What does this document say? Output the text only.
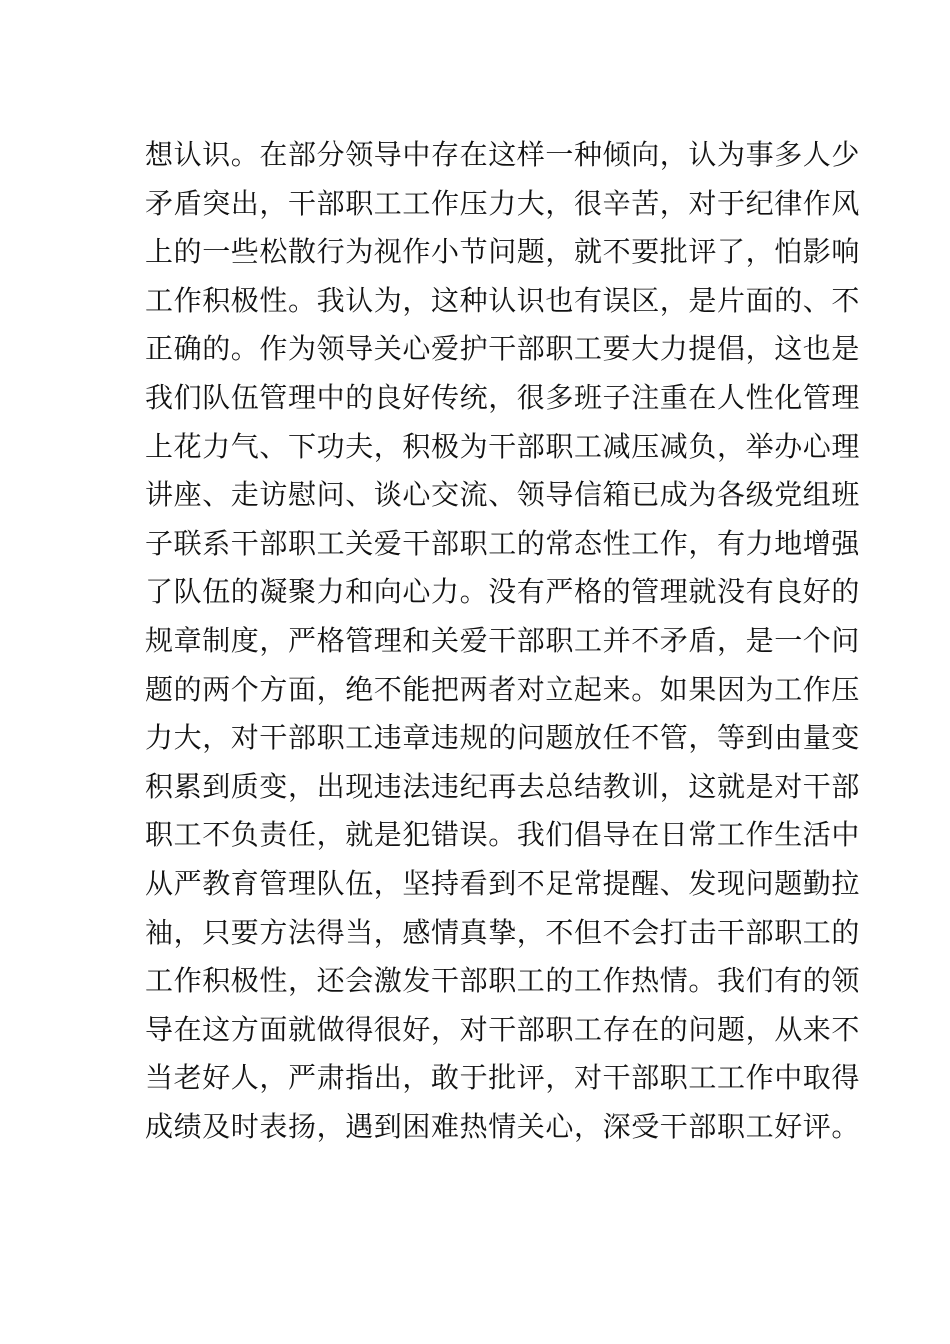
想认识。在部分领导中存在这样一种倾向，认为事多人少
矛盾突出，干部职工工作压力大，很辛苦，对于纪律作风
上的一些松散行为视作小节问题，就不要批评了，怕影响
工作积极性。我认为，这种认识也有误区，是片面的、不
正确的。作为领导关心爱护干部职工要大力提倡，这也是
我们队伍管理中的良好传统，很多班子注重在人性化管理
上花力气、下功夫，积极为干部职工减压减负，举办心理
讲座、走访慰问、谈心交流、领导信箱已成为各级党组班
子联系干部职工关爱干部职工的常态性工作，有力地增强
了队伍的凝聚力和向心力。没有严格的管理就没有良好的
规章制度，严格管理和关爱干部职工并不矛盾，是一个问
题的两个方面，绝不能把两者对立起来。如果因为工作压
力大，对干部职工违章违规的问题放任不管，等到由量变
积累到质变，出现违法违纪再去总结教训，这就是对干部
职工不负责任，就是犯错误。我们倡导在日常工作生活中
从严教育管理队伍，坚持看到不足常提醒、发现问题勤拉
袖，只要方法得当，感情真挚，不但不会打击干部职工的
工作积极性，还会激发干部职工的工作热情。我们有的领
导在这方面就做得很好，对干部职工存在的问题，从来不
当老好人，严肃指出，敢于批评，对干部职工工作中取得
成绩及时表扬，遇到困难热情关心，深受干部职工好评。
